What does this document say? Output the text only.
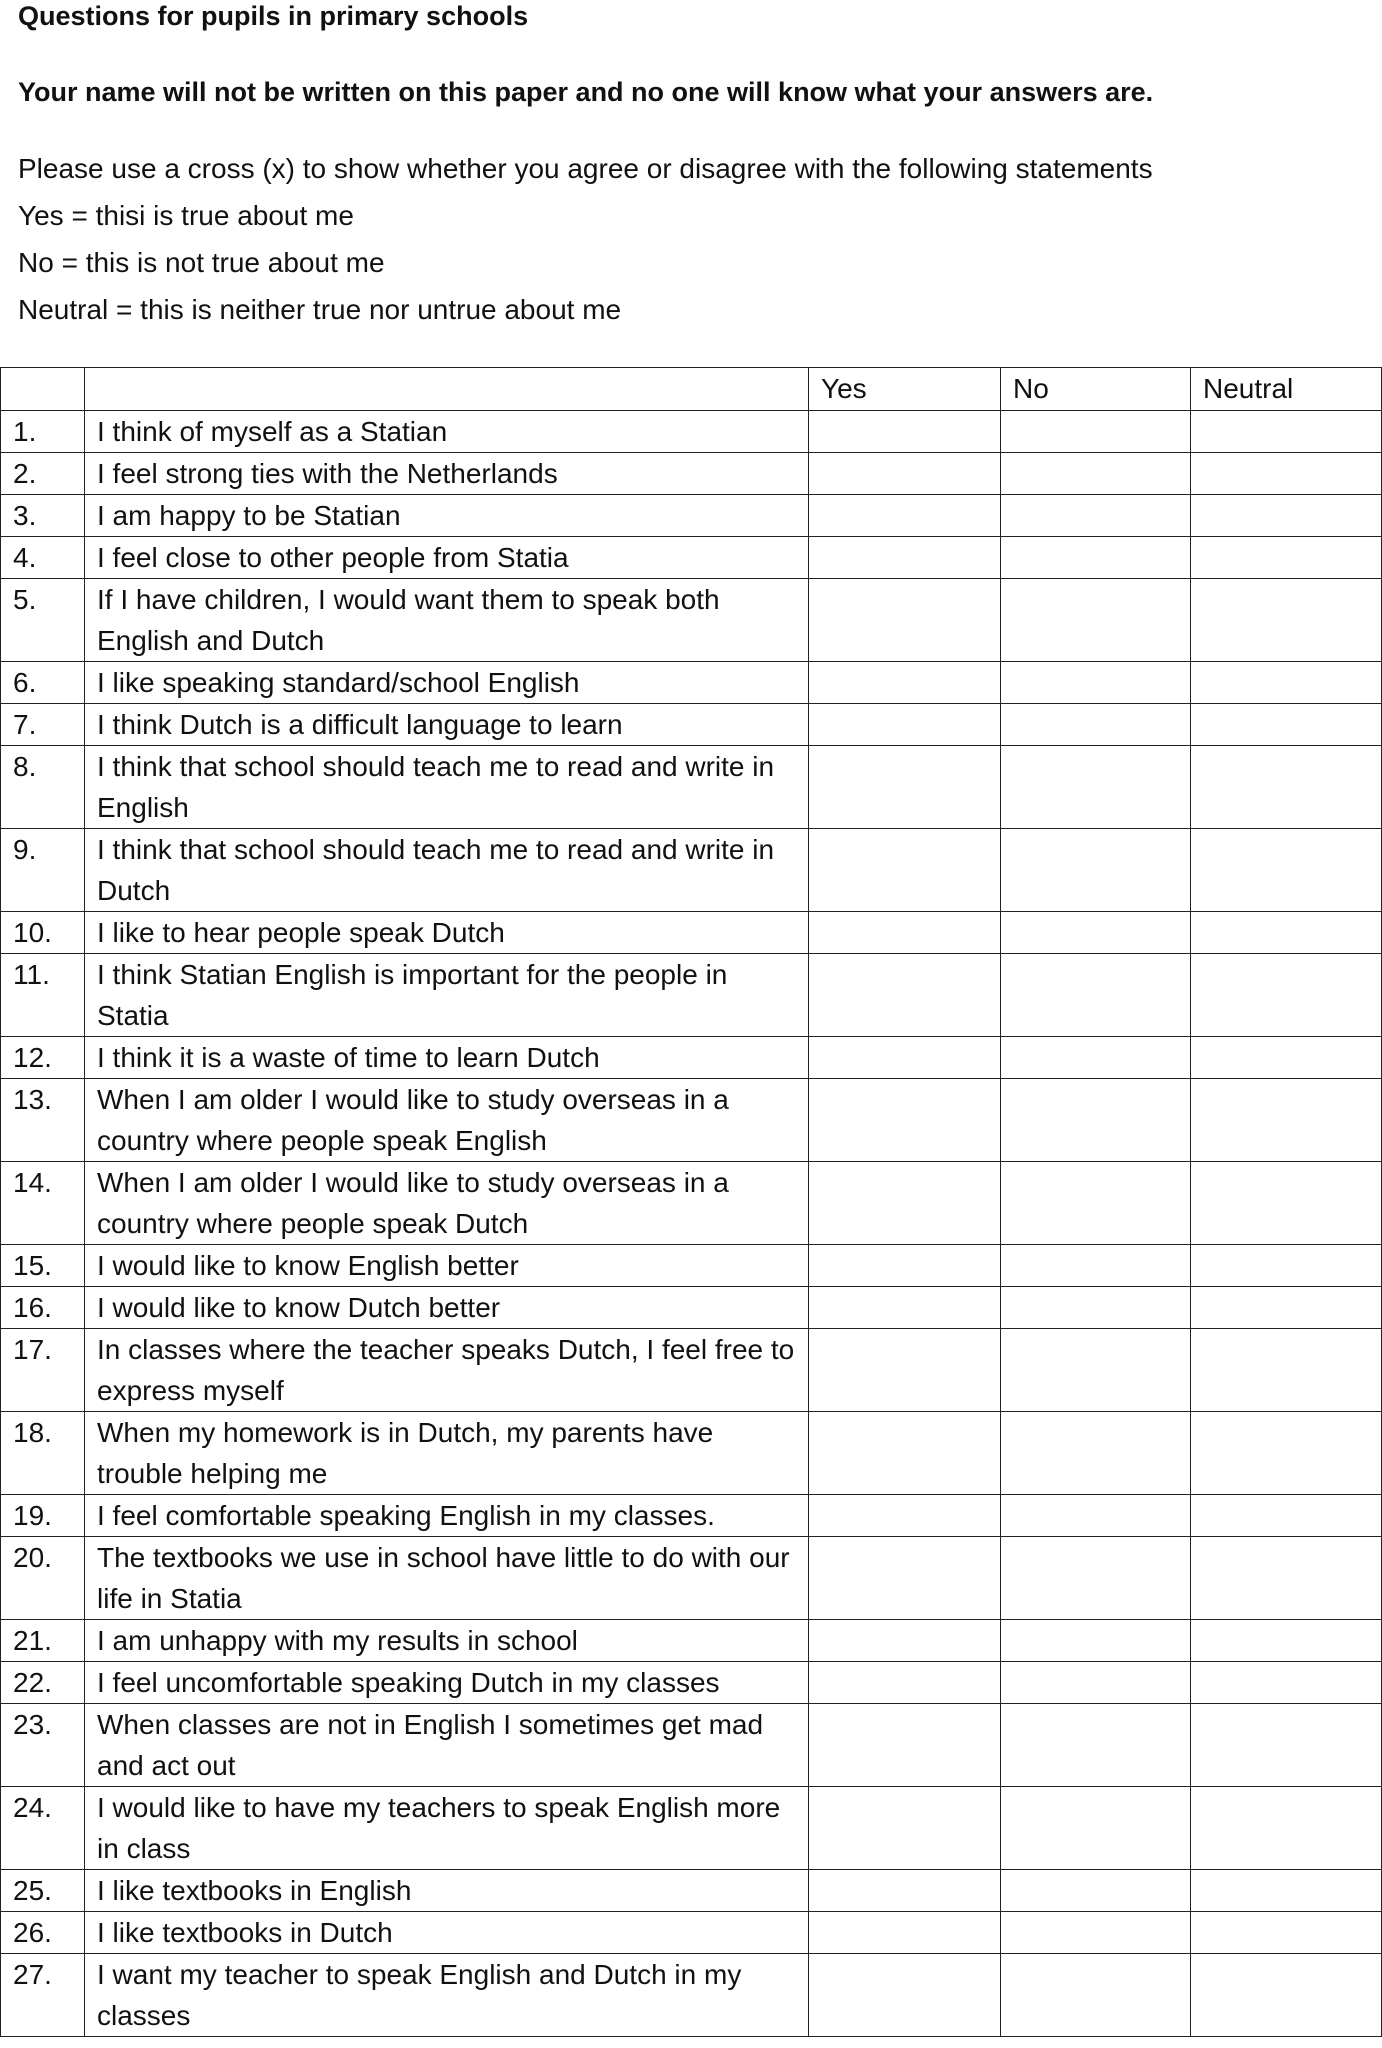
Questions for pupils in primary schools
Your name will not be written on this paper and no one will know what your answers are.
Please use a cross (x) to show whether you agree or disagree with the following statements
Yes = thisi is true about me
No = this is not true about me
Neutral = this is neither true nor untrue about me
		Yes	No	Neutral
1.	I think of myself as a Statian			
2.	I feel strong ties with the Netherlands			
3.	I am happy to be Statian			
4.	I feel close to other people from Statia			
5.	If I have children, I would want them to speak both English and Dutch			
6.	I like speaking standard/school English			
7.	I think Dutch is a difficult language to learn			
8.	I think that school should teach me to read and write in English			
9.	I think that school should teach me to read and write in Dutch			
10.	I like to hear people speak Dutch			
11.	I think Statian English is important for the people in Statia			
12.	I think it is a waste of time to learn Dutch			
13.	When I am older I would like to study overseas in a country where people speak English			
14.	When I am older I would like to study overseas in a country where people speak Dutch			
15.	I would like to know English better			
16.	I would like to know Dutch better			
17.	In classes where the teacher speaks Dutch, I feel free to express myself			
18.	When my homework is in Dutch, my parents have trouble helping me			
19.	I feel comfortable speaking English in my classes.			
20.	The textbooks we use in school have little to do with our life in Statia			
21.	I am unhappy with my results in school			
22.	I feel uncomfortable speaking Dutch in my classes			
23.	When classes are not in English I sometimes get mad and act out			
24.	I would like to have my teachers to speak English more in class			
25.	I like textbooks in English			
26.	I like textbooks in Dutch			
27.	I want my teacher to speak English and Dutch in my classes			
